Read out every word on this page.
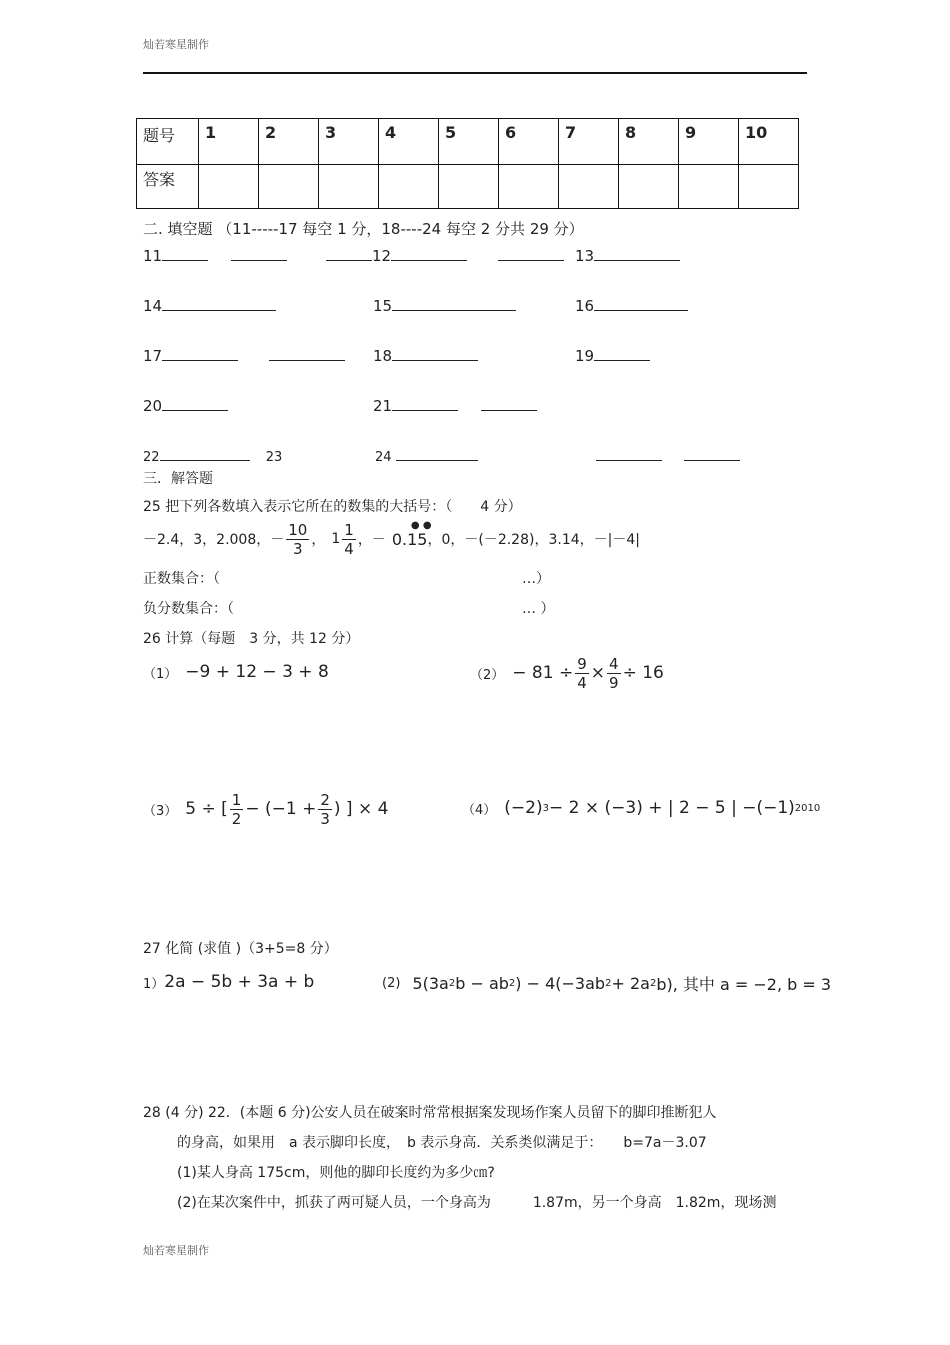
灿若寒星制作
题号	1	2	3	4	5	6	7	8	9	10
答案										
二. 填空题 （11-----17 每空 1 分，18----24 每空 2 分共 29 分）
11	12	13
14	15	16
17	18	19
20	21
22	23	24
三．解答题
25 把下列各数填入表示它所在的数集的大括号：（　　4 分）
－2.4，3，2.008，－ $\frac{10}{3}$ ， $1 \frac{1}{4}$ ，－ 0.15
● ●
，0，－(－2.28)，3.14，－|－4|
正数集合：（	…）
负分数集合：（	… ）
26 计算（每题　3 分，共 12 分）
（1） −9 + 12 − 3 + 8	$(2) - 81 \div \frac{9}{4} \times \frac{4}{9} \div 16$
（3） 5 ÷ [ $\frac{1}{2} - (-1 + \frac{2}{3}$ ) ] × 4	（4） (−2) 3 − 2 × (−3) + | 2 − 5 | −(−1) 2010
27 化简 (求值 )（3+5=8 分）
1） 2a − 5b + 3a + b	(2) 5(3a 2 b − ab 2 ) − 4(−3ab 2 + 2a 2 b), 其中 a = −2, b = 3
28 (4 分) 22．(本题 6 分)公安人员在破案时常常根据案发现场作案人员留下的脚印推断犯人
的身高，如果用　a 表示脚印长度，　b 表示身高．关系类似满足于：　　b=7a－3.07
(1)某人身高 175cm，则他的脚印长度约为多少㎝?
(2)在某次案件中，抓获了两可疑人员，一个身高为　　　1.87m，另一个身高　1.82m，现场测
灿若寒星制作
